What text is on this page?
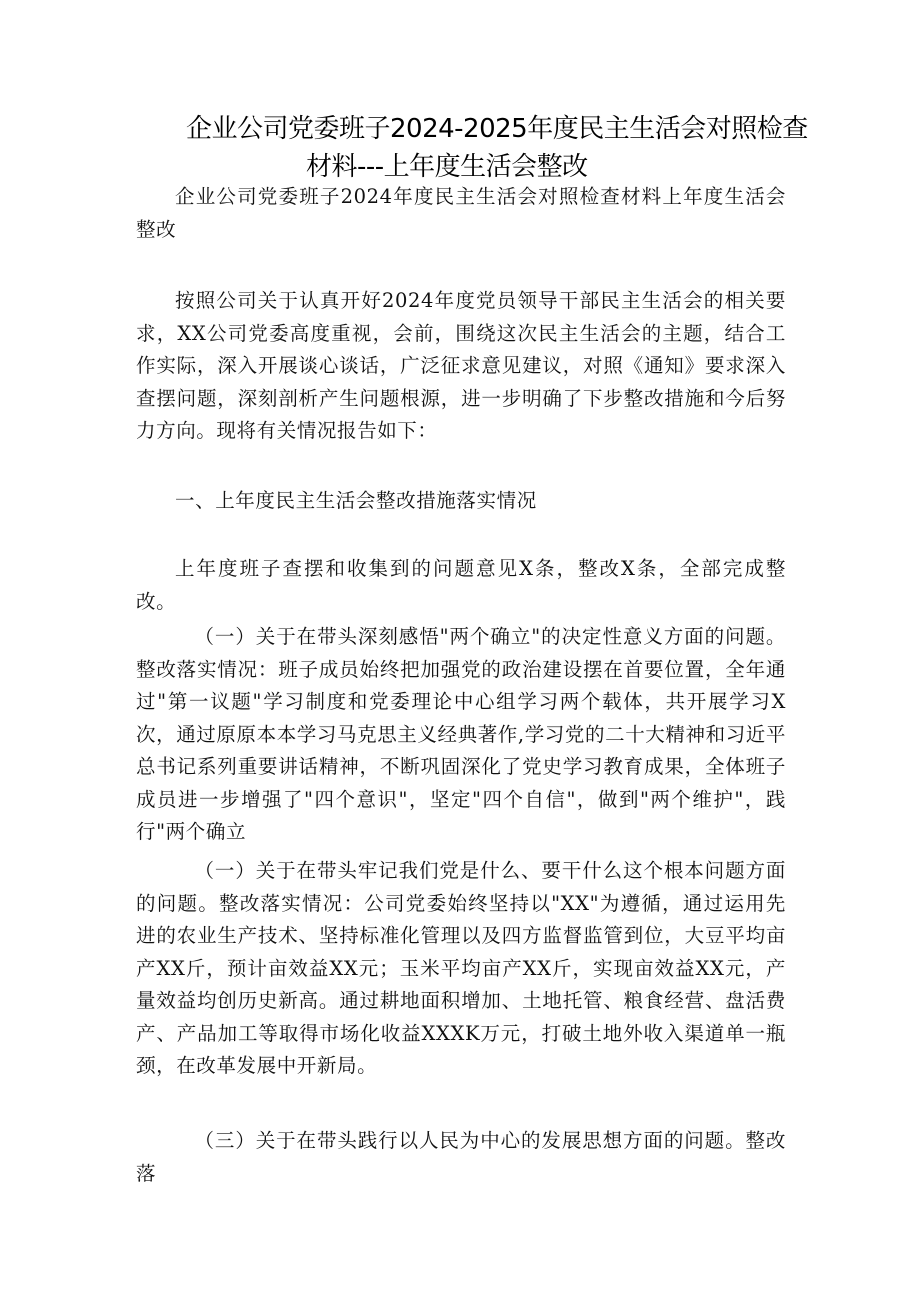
企业公司党委班子2024-2025年度民主生活会对照检查
材料---上年度生活会整改

企业公司党委班子2024年度民主生活会对照检查材料上年度生活会整改

按照公司关于认真开好2024年度党员领导干部民主生活会的相关要求，XX公司党委高度重视，会前，围绕这次民主生活会的主题，结合工作实际，深入开展谈心谈话，广泛征求意见建议，对照《通知》要求深入查摆问题，深刻剖析产生问题根源，进一步明确了下步整改措施和今后努力方向。现将有关情况报告如下：

一、上年度民主生活会整改措施落实情况

上年度班子查摆和收集到的问题意见X条，整改X条，全部完成整改。

（一）关于在带头深刻感悟"两个确立"的决定性意义方面的问题。整改落实情况：班子成员始终把加强党的政治建设摆在首要位置，全年通过"第一议题"学习制度和党委理论中心组学习两个载体，共开展学习X次，通过原原本本学习马克思主义经典著作,学习党的二十大精神和习近平总书记系列重要讲话精神，不断巩固深化了党史学习教育成果，全体班子成员进一步增强了"四个意识"，坚定"四个自信"，做到"两个维护"，践行"两个确立

（一）关于在带头牢记我们党是什么、要干什么这个根本问题方面的问题。整改落实情况：公司党委始终坚持以"XX"为遵循，通过运用先进的农业生产技术、坚持标准化管理以及四方监督监管到位，大豆平均亩产XX斤，预计亩效益XX元；玉米平均亩产XX斤，实现亩效益XX元，产量效益均创历史新高。通过耕地面积增加、土地托管、粮食经营、盘活费产、产品加工等取得市场化收益XXXK万元，打破土地外收入渠道单一瓶颈，在改革发展中开新局。

（三）关于在带头践行以人民为中心的发展思想方面的问题。整改落
